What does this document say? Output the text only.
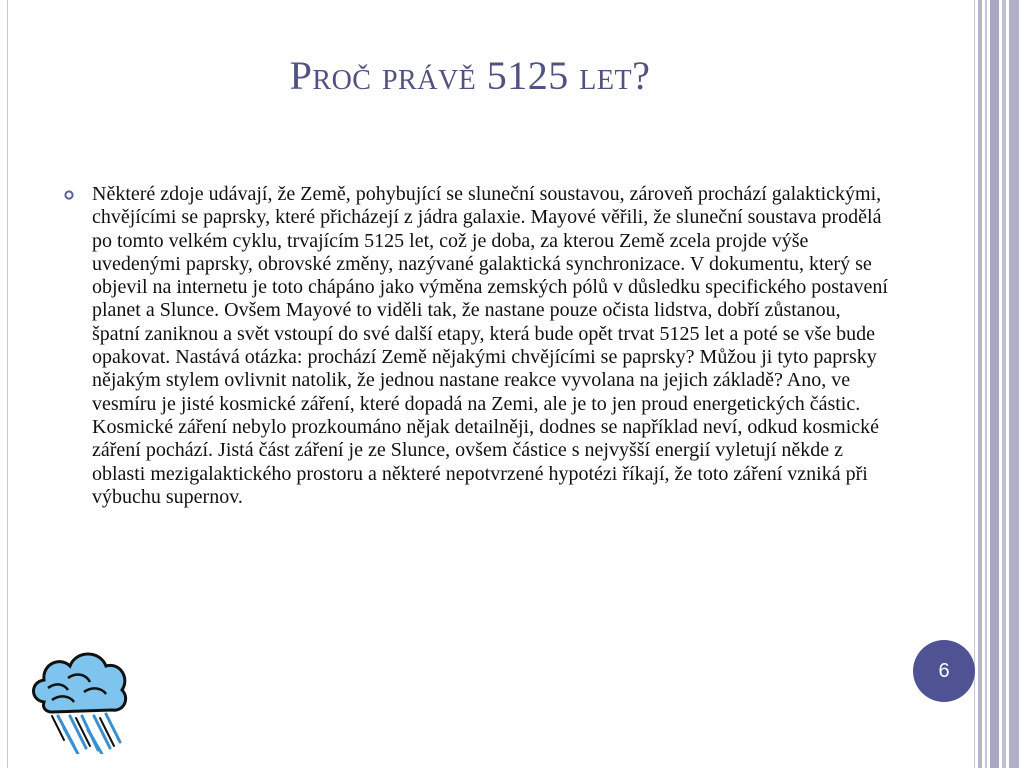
Proč právě 5125 let?
Některé zdoje udávají, že Země, pohybující se sluneční soustavou, zároveň prochází galaktickými, chvějícími se paprsky, které přicházejí z jádra galaxie. Mayové věřili, že sluneční soustava prodělá po tomto velkém cyklu, trvajícím 5125 let, což je doba, za kterou Země zcela projde výše uvedenými paprsky, obrovské změny, nazývané galaktická synchronizace. V dokumentu, který se objevil na internetu je toto chápáno jako výměna zemských pólů v důsledku specifického postavení planet a Slunce. Ovšem Mayové to viděli tak, že nastane pouze očista lidstva, dobří zůstanou, špatní zaniknou a svět vstoupí do své další etapy, která bude opět trvat 5125 let a poté se vše bude opakovat. Nastává otázka: prochází Země nějakými chvějícími se paprsky? Můžou ji tyto paprsky nějakým stylem ovlivnit natolik, že jednou nastane reakce vyvolana na jejich základě? Ano, ve vesmíru je jisté kosmické záření, které dopadá na Zemi, ale je to jen proud energetických částic. Kosmické záření nebylo prozkoumáno nějak detailněji, dodnes se například neví, odkud kosmické záření pochází. Jistá část záření je ze Slunce, ovšem částice s nejvyšší energií vyletují někde z oblasti mezigalaktického prostoru a některé nepotvrzené hypotézi říkají, že toto záření vzniká při výbuchu supernov.
6
